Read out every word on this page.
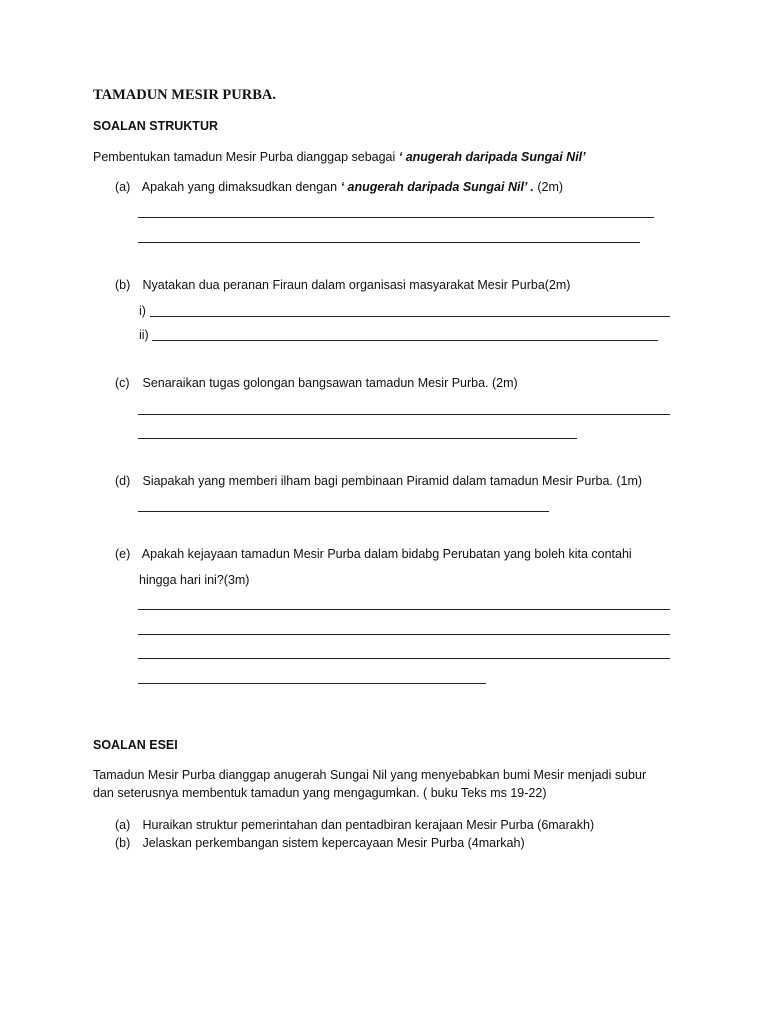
TAMADUN MESIR PURBA.
SOALAN STRUKTUR
Pembentukan tamadun Mesir Purba dianggap sebagai ‘ anugerah daripada Sungai Nil’
(a) Apakah yang dimaksudkan dengan ‘ anugerah daripada Sungai Nil’ . (2m)
(b) Nyatakan dua peranan Firaun dalam organisasi masyarakat Mesir Purba(2m)
i)
ii)
(c) Senaraikan tugas golongan bangsawan tamadun Mesir Purba. (2m)
(d) Siapakah yang memberi ilham bagi pembinaan Piramid dalam tamadun Mesir Purba. (1m)
(e) Apakah kejayaan tamadun Mesir Purba dalam bidabg Perubatan yang boleh kita contahi
hingga hari ini?(3m)
SOALAN ESEI
Tamadun Mesir Purba dianggap anugerah Sungai Nil yang menyebabkan bumi Mesir menjadi subur
dan seterusnya membentuk tamadun yang mengagumkan. ( buku Teks ms 19-22)
(a) Huraikan struktur pemerintahan dan pentadbiran kerajaan Mesir Purba (6marakh)
(b) Jelaskan perkembangan sistem kepercayaan Mesir Purba (4markah)
